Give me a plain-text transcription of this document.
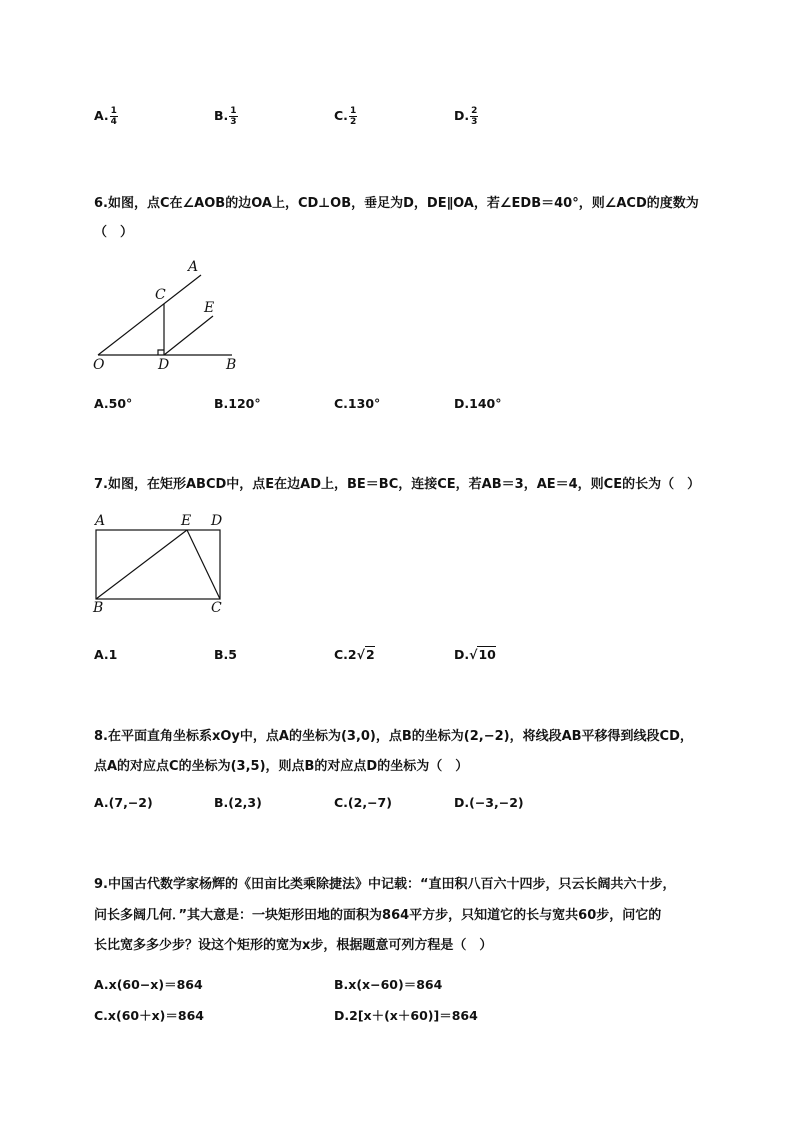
A. $\frac{1}{4}$	B. $\frac{1}{3}$	C. $\frac{1}{2}$	D. $\frac{2}{3}$
6.如图，点C在∠AOB的边OA上，CD⊥OB，垂足为D，DE∥OA，若∠EDB＝40°，则∠ACD的度数为
（　）
A
C
E
O	D	B
A.50°	B.120°	C.130°	D.140°
7.如图，在矩形ABCD中，点E在边AD上，BE＝BC，连接CE，若AB＝3，AE＝4，则CE的长为（　）
A	E D
B	C
A.1	B.5	C.2√2	D.√10
8.在平面直角坐标系xOy中，点A的坐标为(3,0)，点B的坐标为(2,−2)，将线段AB平移得到线段CD，
点A的对应点C的坐标为(3,5)，则点B的对应点D的坐标为（　）
A.(7,−2)	B.(2,3)	C.(2,−7)	D.(−3,−2)
9.中国古代数学家杨辉的《田亩比类乘除捷法》中记载：“直田积八百六十四步，只云长阔共六十步，
问长多阔几何．”其大意是：一块矩形田地的面积为864平方步，只知道它的长与宽共60步，问它的
长比宽多多少步？设这个矩形的宽为x步，根据题意可列方程是（　）
A.x(60−x)＝864	B.x(x−60)＝864
C.x(60＋x)＝864	D.2[x＋(x＋60)]＝864
